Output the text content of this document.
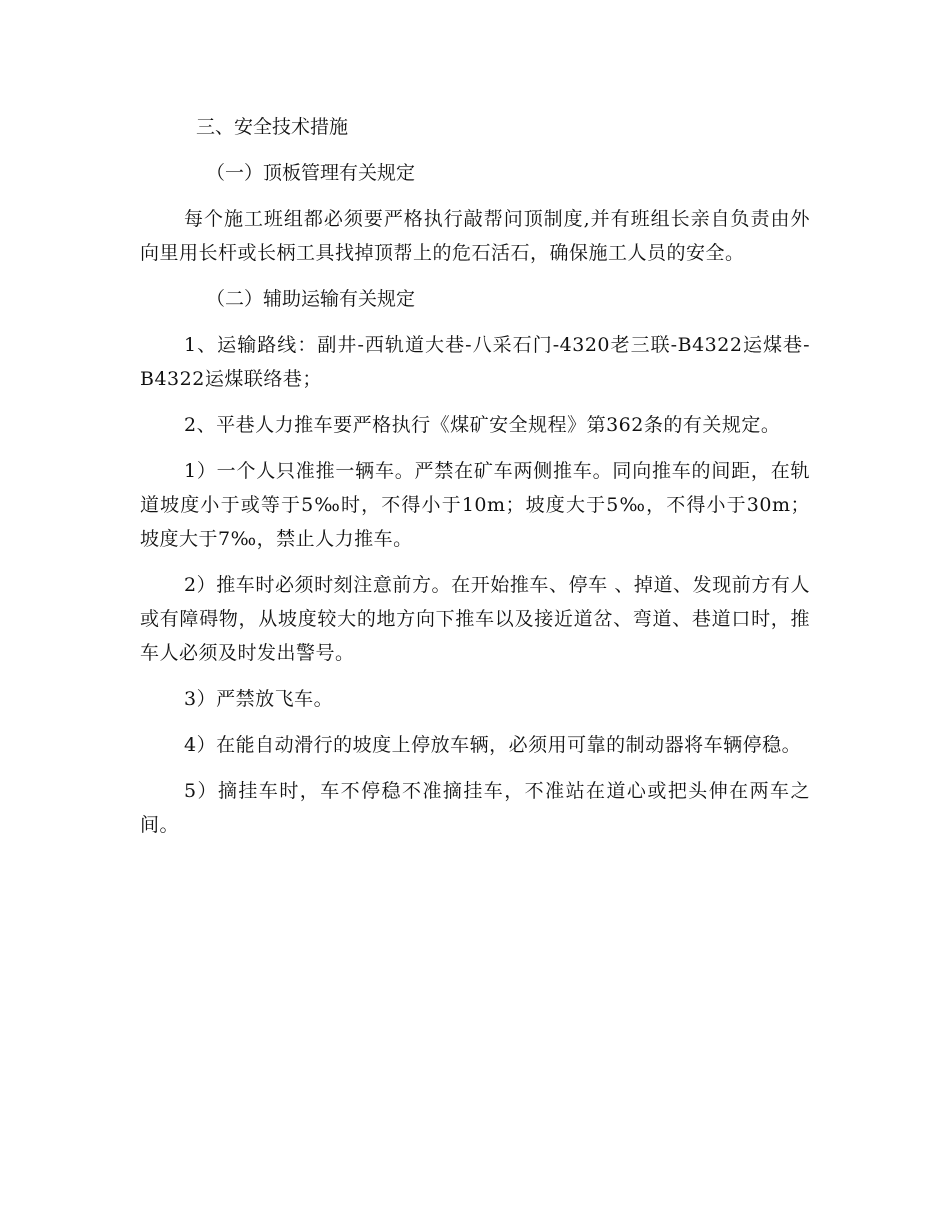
三、安全技术措施
（一）顶板管理有关规定

每个施工班组都必须要严格执行敲帮问顶制度,并有班组长亲自负责由外向里用长杆或长柄工具找掉顶帮上的危石活石，确保施工人员的安全。

（二）辅助运输有关规定

1、运输路线：副井-西轨道大巷-八采石门-4320老三联-B4322运煤巷-B4322运煤联络巷；

2、平巷人力推车要严格执行《煤矿安全规程》第362条的有关规定。

1）一个人只准推一辆车。严禁在矿车两侧推车。同向推车的间距，在轨道坡度小于或等于5‰时，不得小于10m；坡度大于5‰，不得小于30m；坡度大于7‰，禁止人力推车。

2）推车时必须时刻注意前方。在开始推车、停车 、掉道、发现前方有人或有障碍物，从坡度较大的地方向下推车以及接近道岔、弯道、巷道口时，推车人必须及时发出警号。

3）严禁放飞车。

4）在能自动滑行的坡度上停放车辆，必须用可靠的制动器将车辆停稳。

5）摘挂车时，车不停稳不准摘挂车，不准站在道心或把头伸在两车之间。
